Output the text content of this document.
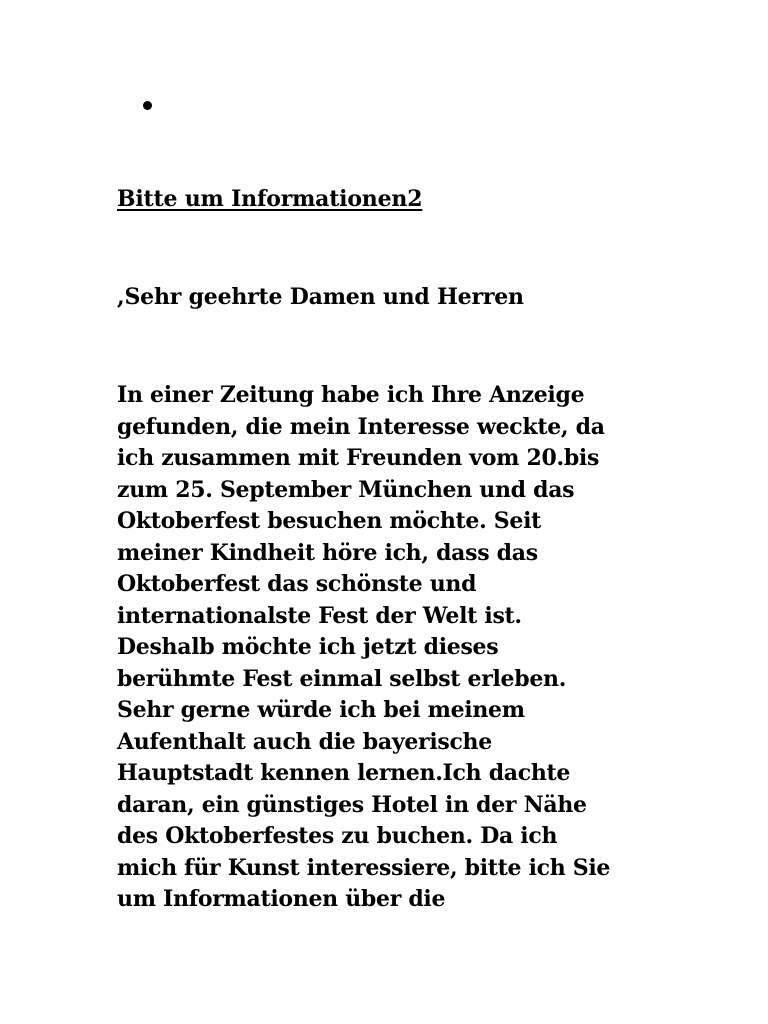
Bitte um Informationen2

,Sehr geehrte Damen und Herren

In einer Zeitung habe ich Ihre Anzeige
gefunden, die mein Interesse weckte, da
ich zusammen mit Freunden vom 20.bis
zum 25. September München und das
Oktoberfest besuchen möchte. Seit
meiner Kindheit höre ich, dass das
Oktoberfest das schönste und
internationalste Fest der Welt ist.
Deshalb möchte ich jetzt dieses
berühmte Fest einmal selbst erleben.
Sehr gerne würde ich bei meinem
Aufenthalt auch die bayerische
Hauptstadt kennen lernen.Ich dachte
daran, ein günstiges Hotel in der Nähe
des Oktoberfestes zu buchen. Da ich
mich für Kunst interessiere, bitte ich Sie
um Informationen über die
